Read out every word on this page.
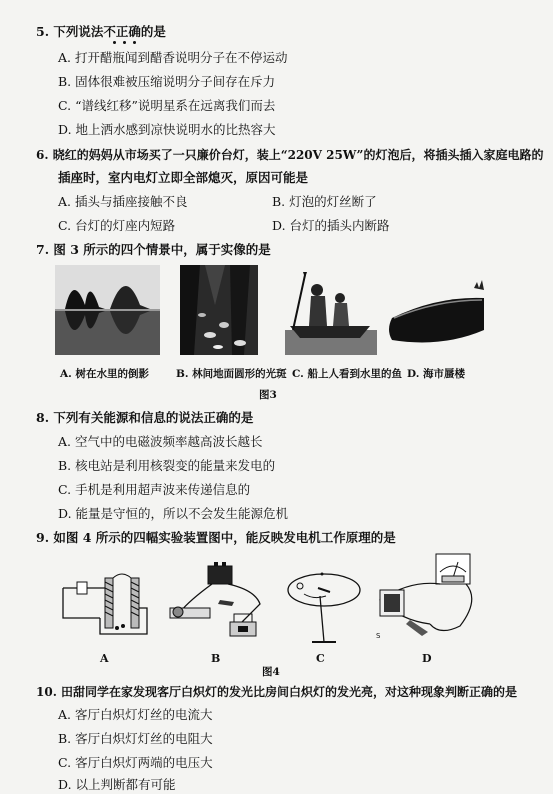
5. 下列说法不正确的是
A. 打开醋瓶闻到醋香说明分子在不停运动
B. 固体很难被压缩说明分子间存在斥力
C. “谱线红移”说明星系在远离我们而去
D. 地上洒水感到凉快说明水的比热容大
6. 晓红的妈妈从市场买了一只廉价台灯，装上“220V 25W”的灯泡后，将插头插入家庭电路的
插座时，室内电灯立即全部熄灭，原因可能是
A. 插头与插座接触不良	B. 灯泡的灯丝断了
C. 台灯的灯座内短路	D. 台灯的插头内断路
7. 图 3 所示的四个情景中，属于实像的是
A. 树在水里的倒影	B. 林间地面圆形的光斑 C. 船上人看到水里的鱼 D. 海市蜃楼
图3
8. 下列有关能源和信息的说法正确的是
A. 空气中的电磁波频率越高波长越长
B. 核电站是利用核裂变的能量来发电的
C. 手机是利用超声波来传递信息的
D. 能量是守恒的，所以不会发生能源危机
9. 如图 4 所示的四幅实验装置图中，能反映发电机工作原理的是
S
A	B	C	D
图4
10. 田甜同学在家发现客厅白炽灯的发光比房间白炽灯的发光亮，对这种现象判断正确的是
A. 客厅白炽灯灯丝的电流大
B. 客厅白炽灯灯丝的电阻大
C. 客厅白炽灯两端的电压大
D. 以上判断都有可能
